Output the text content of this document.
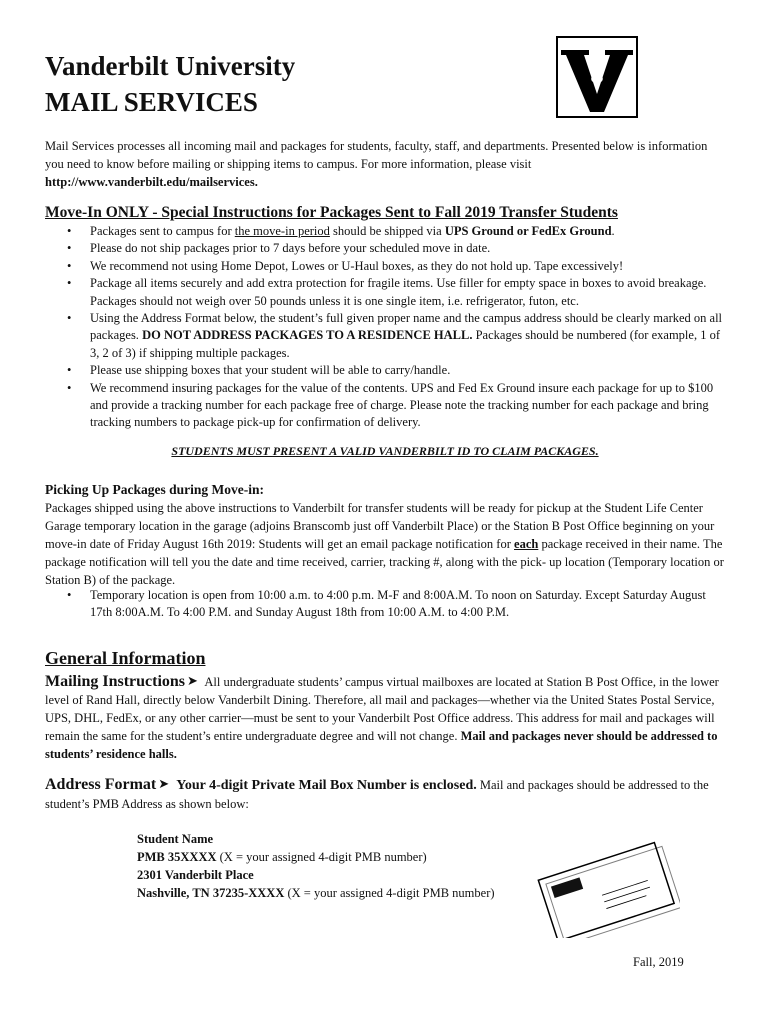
Vanderbilt University
MAIL SERVICES

Mail Services processes all incoming mail and packages for students, faculty, staff, and departments. Presented below is information you need to know before mailing or shipping items to campus. For more information, please visit http://www.vanderbilt.edu/mailservices.

Move-In ONLY - Special Instructions for Packages Sent to Fall 2019 Transfer Students
• Packages sent to campus for the move-in period should be shipped via UPS Ground or FedEx Ground.
• Please do not ship packages prior to 7 days before your scheduled move in date.
• We recommend not using Home Depot, Lowes or U-Haul boxes, as they do not hold up. Tape excessively!
• Package all items securely and add extra protection for fragile items. Use filler for empty space in boxes to avoid breakage. Packages should not weigh over 50 pounds unless it is one single item, i.e. refrigerator, futon, etc.
• Using the Address Format below, the student’s full given proper name and the campus address should be clearly marked on all packages. DO NOT ADDRESS PACKAGES TO A RESIDENCE HALL. Packages should be numbered (for example, 1 of 3, 2 of 3) if shipping multiple packages.
• Please use shipping boxes that your student will be able to carry/handle.
• We recommend insuring packages for the value of the contents. UPS and Fed Ex Ground insure each package for up to $100 and provide a tracking number for each package free of charge. Please note the tracking number for each package and bring tracking numbers to package pick-up for confirmation of delivery.
STUDENTS MUST PRESENT A VALID VANDERBILT ID TO CLAIM PACKAGES.
Picking Up Packages during Move-in:

Packages shipped using the above instructions to Vanderbilt for transfer students will be ready for pickup at the Student Life Center Garage temporary location in the garage (adjoins Branscomb just off Vanderbilt Place) or the Station B Post Office beginning on your move-in date of Friday August 16th 2019: Students will get an email package notification for each package received in their name. The package notification will tell you the date and time received, carrier, tracking #, along with the pick- up location (Temporary location or Station B) of the package.

• Temporary location is open from 10:00 a.m. to 4:00 p.m. M-F and 8:00A.M. To noon on Saturday. Except Saturday August 17th 8:00A.M. To 4:00 P.M. and Sunday August 18th from 10:00 A.M. to 4:00 P.M.
General Information

Mailing Instructions ➤ All undergraduate students’ campus virtual mailboxes are located at Station B Post Office, in the lower level of Rand Hall, directly below Vanderbilt Dining. Therefore, all mail and packages—whether via the United States Postal Service, UPS, DHL, FedEx, or any other carrier—must be sent to your Vanderbilt Post Office address. This address for mail and packages will remain the same for the student’s entire undergraduate degree and will not change. Mail and packages never should be addressed to students’ residence halls.

Address Format ➤ Your 4-digit Private Mail Box Number is enclosed. Mail and packages should be addressed to the student’s PMB Address as shown below:

Student Name
PMB 35XXXX (X = your assigned 4-digit PMB number)
2301 Vanderbilt Place
Nashville, TN 37235-XXXX (X = your assigned 4-digit PMB number)
Fall, 2019
